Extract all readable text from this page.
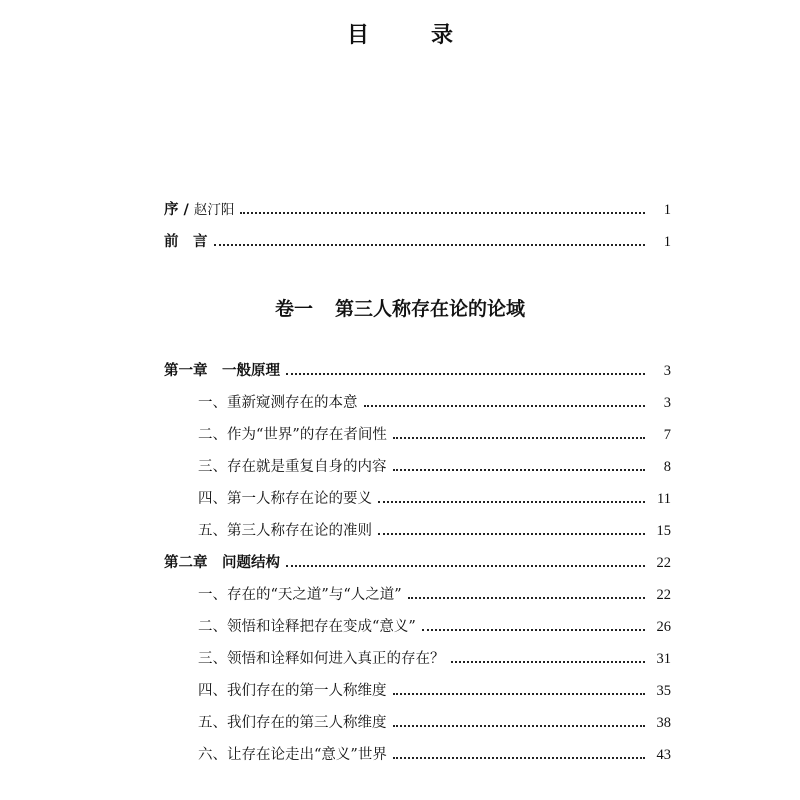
目　录
序 / 赵汀阳	1
前　言	1
卷一 第三人称存在论的论域
第一章　一般原理	3
一、重新窥测存在的本意	3
二、作为“世界”的存在者间性	7
三、存在就是重复自身的内容	8
四、第一人称存在论的要义	11
五、第三人称存在论的准则	15
第二章　问题结构	22
一、存在的“天之道”与“人之道”	22
二、领悟和诠释把存在变成“意义”	26
三、领悟和诠释如何进入真正的存在？	31
四、我们存在的第一人称维度	35
五、我们存在的第三人称维度	38
六、让存在论走出“意义”世界	43
